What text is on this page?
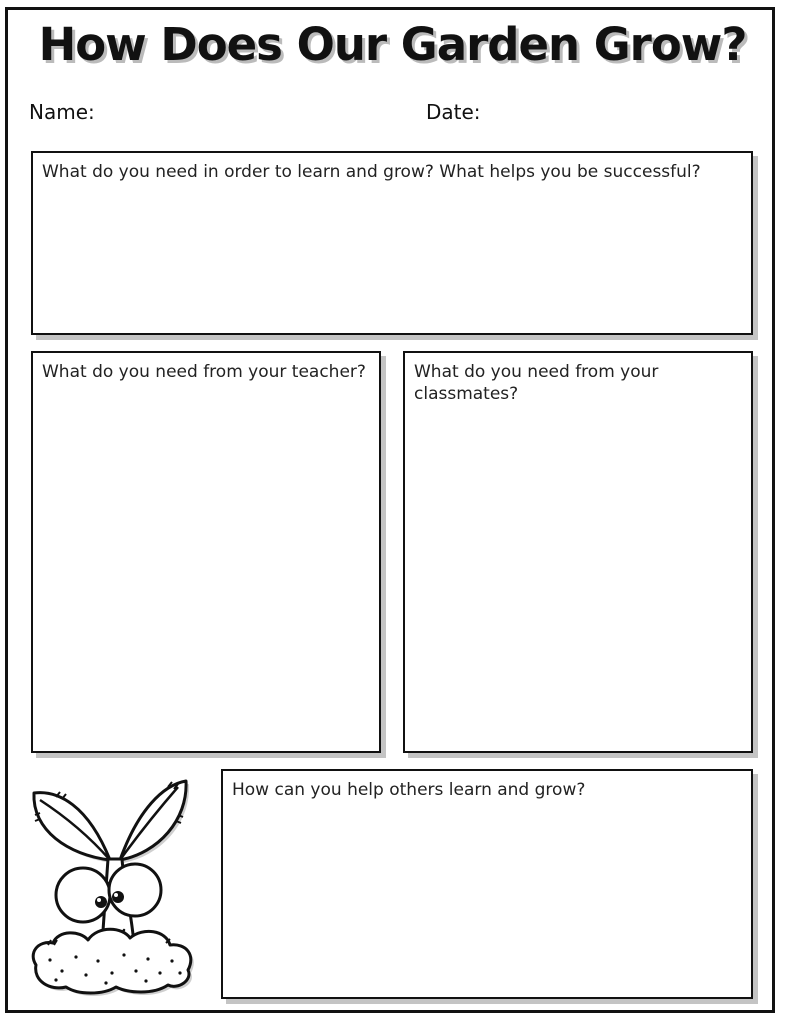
How Does Our Garden Grow?
Name:	Date:
What do you need in order to learn and grow? What helps you be successful?
What do you need from your teacher?	What do you need from your classmates?
How can you help others learn and grow?
